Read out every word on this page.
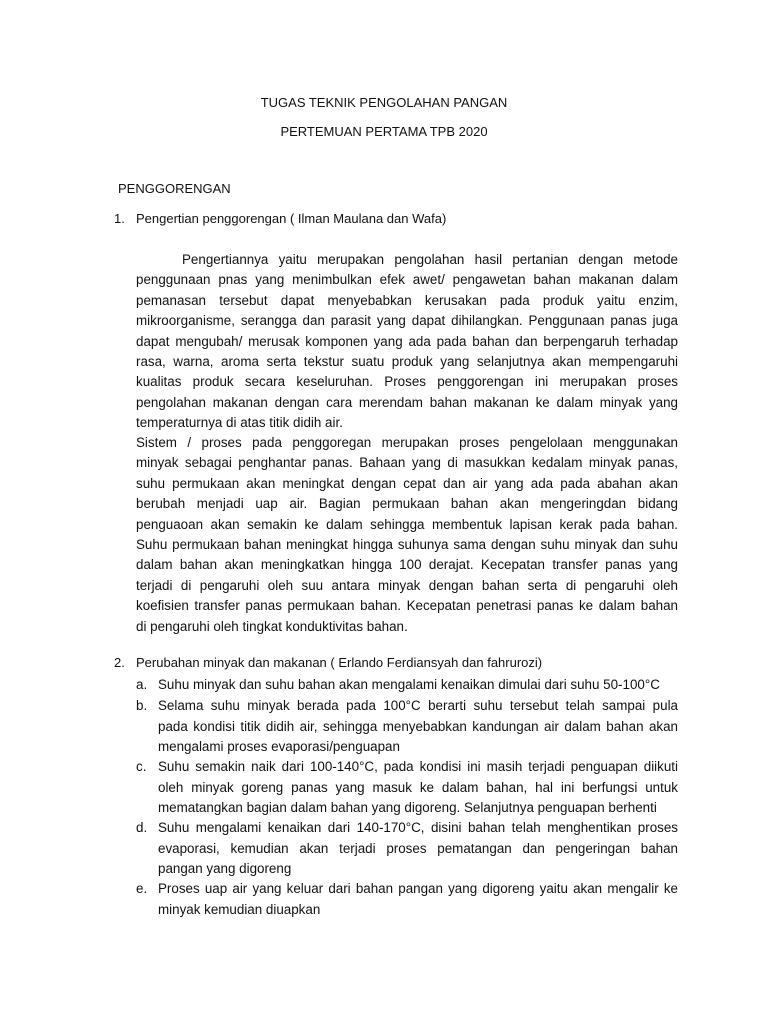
TUGAS TEKNIK PENGOLAHAN PANGAN
PERTEMUAN PERTAMA TPB 2020
PENGGORENGAN
1. Pengertian penggorengan ( Ilman Maulana dan Wafa)
Pengertiannya yaitu merupakan pengolahan hasil pertanian dengan metode
penggunaan pnas yang menimbulkan efek awet/ pengawetan bahan makanan dalam
pemanasan tersebut dapat menyebabkan kerusakan pada produk yaitu enzim,
mikroorganisme, serangga dan parasit yang dapat dihilangkan. Penggunaan panas juga
dapat mengubah/ merusak komponen yang ada pada bahan dan berpengaruh terhadap
rasa, warna, aroma serta tekstur suatu produk yang selanjutnya akan mempengaruhi
kualitas produk secara keseluruhan. Proses penggorengan ini merupakan proses
pengolahan makanan dengan cara merendam bahan makanan ke dalam minyak yang
temperaturnya di atas titik didih air.
Sistem / proses pada penggoregan merupakan proses pengelolaan menggunakan
minyak sebagai penghantar panas. Bahaan yang di masukkan kedalam minyak panas,
suhu permukaan akan meningkat dengan cepat dan air yang ada pada abahan akan
berubah menjadi uap air. Bagian permukaan bahan akan mengeringdan bidang
penguaoan akan semakin ke dalam sehingga membentuk lapisan kerak pada bahan.
Suhu permukaan bahan meningkat hingga suhunya sama dengan suhu minyak dan suhu
dalam bahan akan meningkatkan hingga 100 derajat. Kecepatan transfer panas yang
terjadi di pengaruhi oleh suu antara minyak dengan bahan serta di pengaruhi oleh
koefisien transfer panas permukaan bahan. Kecepatan penetrasi panas ke dalam bahan
di pengaruhi oleh tingkat konduktivitas bahan.
2. Perubahan minyak dan makanan ( Erlando Ferdiansyah dan fahrurozi)
a. Suhu minyak dan suhu bahan akan mengalami kenaikan dimulai dari suhu 50-100°C
b. Selama suhu minyak berada pada 100°C berarti suhu tersebut telah sampai pula
pada kondisi titik didih air, sehingga menyebabkan kandungan air dalam bahan akan
mengalami proses evaporasi/penguapan
c. Suhu semakin naik dari 100-140°C, pada kondisi ini masih terjadi penguapan diikuti
oleh minyak goreng panas yang masuk ke dalam bahan, hal ini berfungsi untuk
mematangkan bagian dalam bahan yang digoreng. Selanjutnya penguapan berhenti
d. Suhu mengalami kenaikan dari 140-170°C, disini bahan telah menghentikan proses
evaporasi, kemudian akan terjadi proses pematangan dan pengeringan bahan
pangan yang digoreng
e. Proses uap air yang keluar dari bahan pangan yang digoreng yaitu akan mengalir ke
minyak kemudian diuapkan
